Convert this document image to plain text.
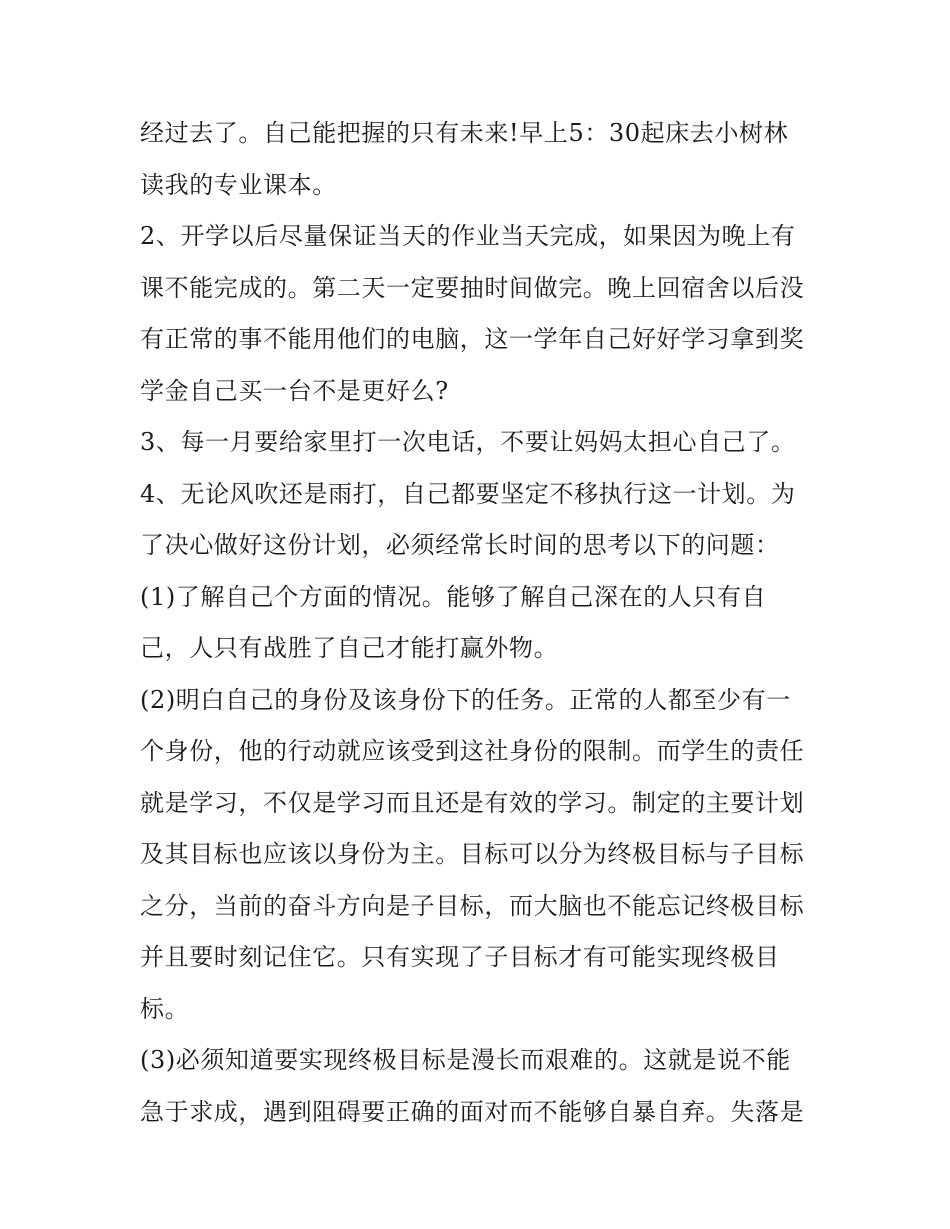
经过去了。自己能把握的只有未来!早上5：30起床去小树林
读我的专业课本。
2、开学以后尽量保证当天的作业当天完成，如果因为晚上有
课不能完成的。第二天一定要抽时间做完。晚上回宿舍以后没
有正常的事不能用他们的电脑，这一学年自己好好学习拿到奖
学金自己买一台不是更好么?
3、每一月要给家里打一次电话，不要让妈妈太担心自己了。
4、无论风吹还是雨打，自己都要坚定不移执行这一计划。为
了决心做好这份计划，必须经常长时间的思考以下的问题：
(1)了解自己个方面的情况。能够了解自己深在的人只有自
己，人只有战胜了自己才能打赢外物。
(2)明白自己的身份及该身份下的任务。正常的人都至少有一
个身份，他的行动就应该受到这社身份的限制。而学生的责任
就是学习，不仅是学习而且还是有效的学习。制定的主要计划
及其目标也应该以身份为主。目标可以分为终极目标与子目标
之分，当前的奋斗方向是子目标，而大脑也不能忘记终极目标
并且要时刻记住它。只有实现了子目标才有可能实现终极目
标。
(3)必须知道要实现终极目标是漫长而艰难的。这就是说不能
急于求成，遇到阻碍要正确的面对而不能够自暴自弃。失落是
